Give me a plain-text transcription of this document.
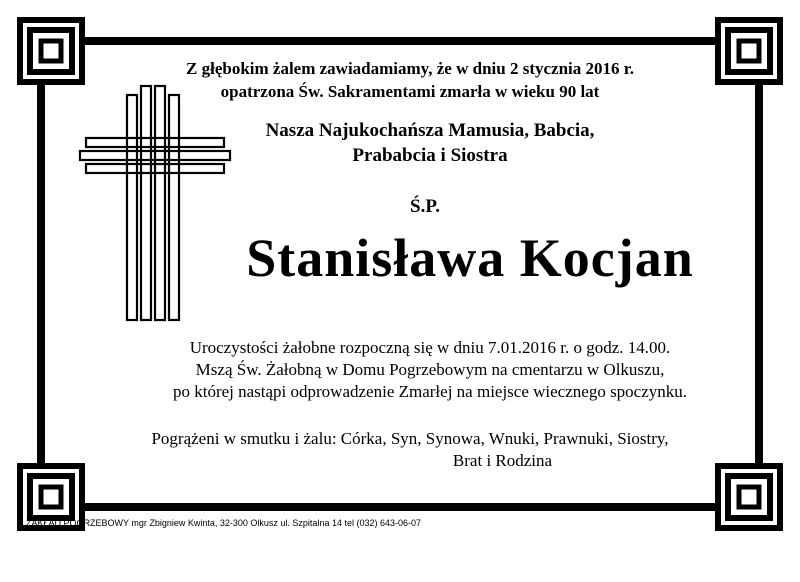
Z głębokim żalem zawiadamiamy, że w dniu 2 stycznia 2016 r.
opatrzona Św. Sakramentami zmarła w wieku 90 lat
Nasza Najukochańsza Mamusia, Babcia,
Prababcia i Siostra
Ś.P.
Stanisława Kocjan
Uroczystości żałobne rozpoczną się w dniu 7.01.2016 r. o godz. 14.00.
Mszą Św. Żałobną w Domu Pogrzebowym na cmentarzu w Olkuszu,
po której nastąpi odprowadzenie Zmarłej na miejsce wiecznego spoczynku.
Pogrążeni w smutku i żalu: Córka, Syn, Synowa, Wnuki, Prawnuki, Siostry,
Brat i Rodzina
ZAKŁAD POGRZEBOWY mgr Zbigniew Kwinta, 32-300 Olkusz ul. Szpitalna 14 tel (032) 643-06-07
